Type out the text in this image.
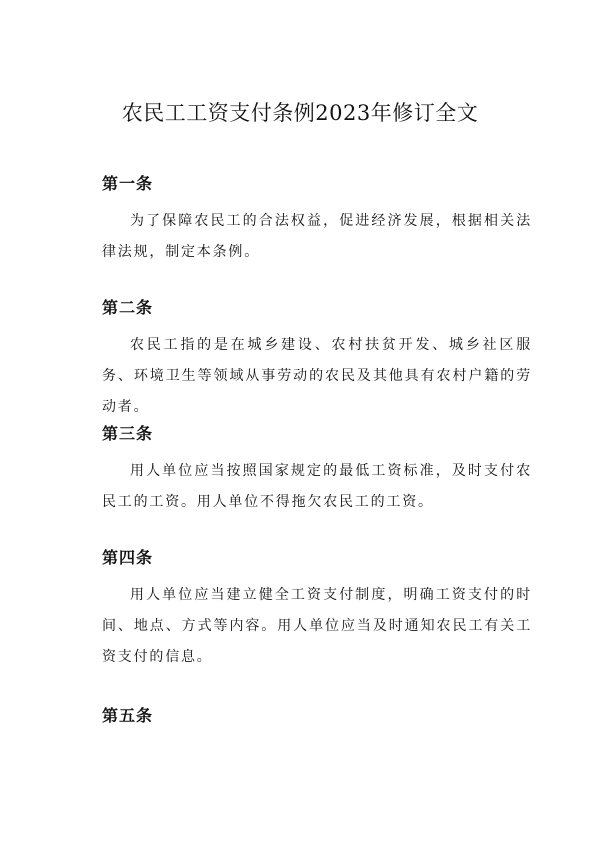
农民工工资支付条例2023年修订全文
第一条

为了保障农民工的合法权益，促进经济发展，根据相关法律法规，制定本条例。

第二条

农民工指的是在城乡建设、农村扶贫开发、城乡社区服务、环境卫生等领域从事劳动的农民及其他具有农村户籍的劳动者。

第三条

用人单位应当按照国家规定的最低工资标准，及时支付农民工的工资。用人单位不得拖欠农民工的工资。

第四条

用人单位应当建立健全工资支付制度，明确工资支付的时间、地点、方式等内容。用人单位应当及时通知农民工有关工资支付的信息。

第五条
